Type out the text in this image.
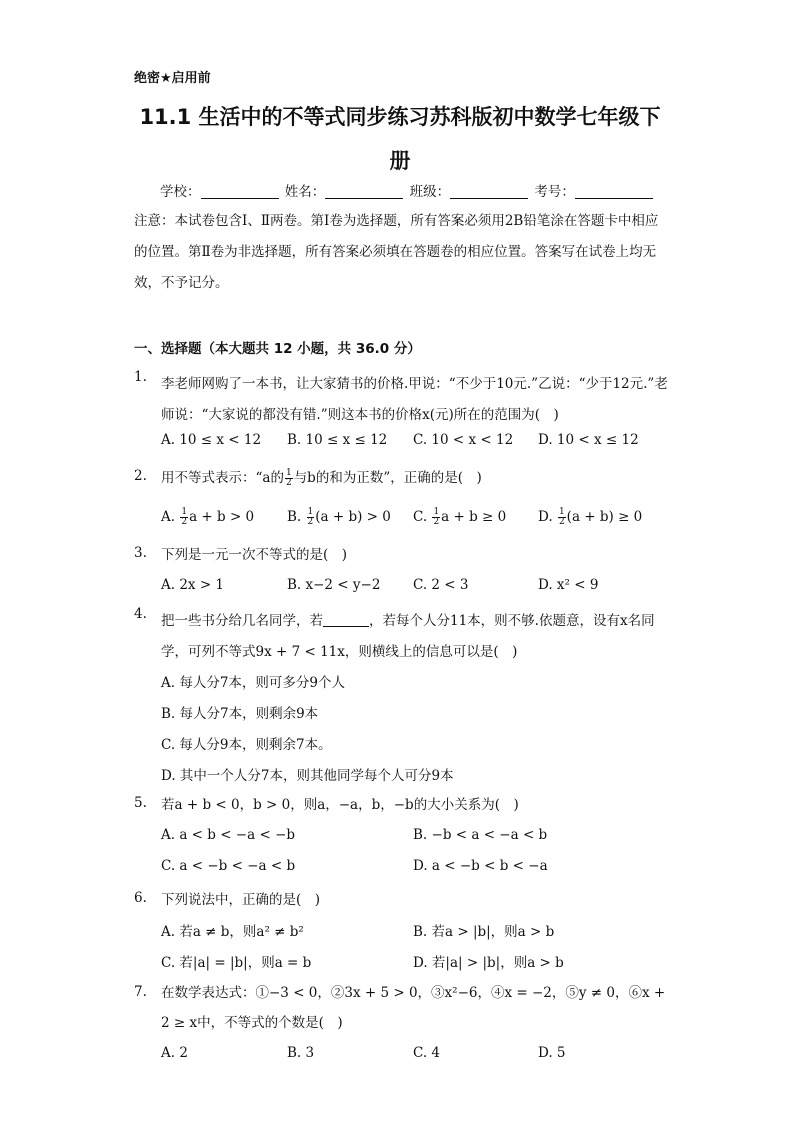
绝密★启用前
11.1 生活中的不等式同步练习苏科版初中数学七年级下
册
学校：	姓名：	班级：	考号：
注意：本试卷包含Ⅰ、Ⅱ两卷。第Ⅰ卷为选择题，所有答案必须用2B铅笔涂在答题卡中相应的位置。第Ⅱ卷为非选择题，所有答案必须填在答题卷的相应位置。答案写在试卷上均无效，不予记分。
一、选择题（本大题共 12 小题，共 36.0 分）
1.	李老师网购了一本书，让大家猜书的价格.甲说：“不少于10元.”乙说：“少于12元.”老师说：“大家说的都没有错.”则这本书的价格x(元)所在的范围为(　)
A. 10 ≤ x < 12 B. 10 ≤ x ≤ 12 C. 10 < x < 12 D. 10 < x ≤ 12
2.	用不等式表示：“a的 $\frac{1}{2}$ 与b的和为正数”，正确的是(　)
A. $\frac{1}{2}$ a + b > 0 B. $\frac{1}{2} (a + b) > 0$ C. $\frac{1}{2}$ a + b ≥ 0 D. $\frac{1}{2} (a + b) \ge 0$
3.	下列是一元一次不等式的是(　)
A. 2x > 1	B. x−2 < y−2 C. 2 < 3	D. x² < 9
4.	把一些书分给几名同学，若	，若每个人分11本，则不够.依题意，设有x名同学，可列不等式9x + 7 < 11x，则横线上的信息可以是(　)
A. 每人分7本，则可多分9个人
B. 每人分7本，则剩余9本
C. 每人分9本，则剩余7本。
D. 其中一个人分7本，则其他同学每个人可分9本
5.	若a + b < 0，b > 0，则a，−a，b，−b的大小关系为(　)
A. a < b < −a < −b	B. −b < a < −a < b
C. a < −b < −a < b	D. a < −b < b < −a
6.	下列说法中，正确的是(　)
A. 若a ≠ b，则a² ≠ b²	B. 若a > |b|，则a > b
C. 若|a| = |b|，则a = b	D. 若|a| > |b|，则a > b
7.	在数学表达式：①−3 < 0，②3x + 5 > 0，③x²−6，④x = −2，⑤y ≠ 0，⑥x + 2 ≥ x中，不等式的个数是(　)
A. 2	B. 3	C. 4	D. 5
